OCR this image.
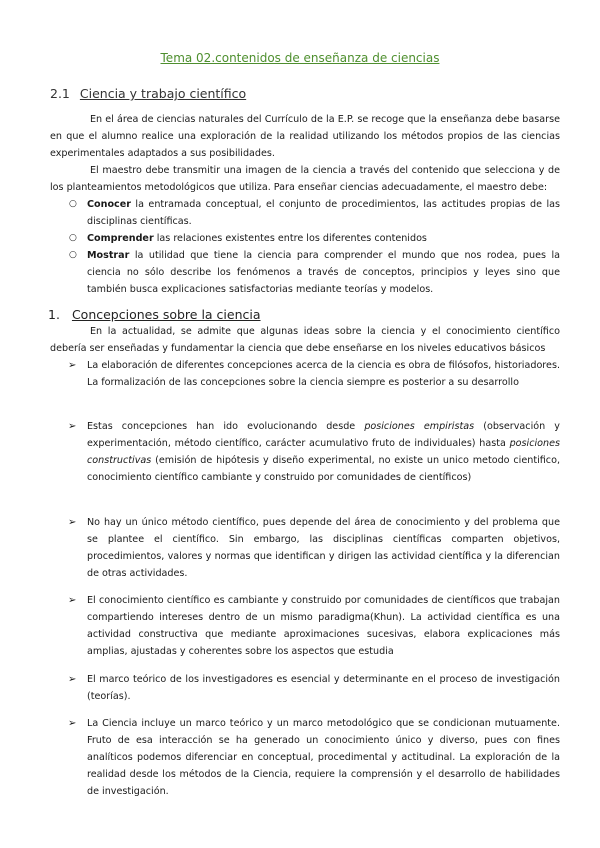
Tema 02.contenidos de enseñanza de ciencias
2.1 Ciencia y trabajo científico
En el área de ciencias naturales del Currículo de la E.P. se recoge que la enseñanza debe basarse en que el alumno realice una exploración de la realidad utilizando los métodos propios de las ciencias experimentales adaptados a sus posibilidades.
El maestro debe transmitir una imagen de la ciencia a través del contenido que selecciona y de los planteamientos metodológicos que utiliza. Para enseñar ciencias adecuadamente, el maestro debe:
○ Conocer la entramada conceptual, el conjunto de procedimientos, las actitudes propias de las disciplinas científicas.
○ Comprender las relaciones existentes entre los diferentes contenidos
○ Mostrar la utilidad que tiene la ciencia para comprender el mundo que nos rodea, pues la ciencia no sólo describe los fenómenos a través de conceptos, principios y leyes sino que también busca explicaciones satisfactorias mediante teorías y modelos.
1. Concepciones sobre la ciencia
En la actualidad, se admite que algunas ideas sobre la ciencia y el conocimiento científico debería ser enseñadas y fundamentar la ciencia que debe enseñarse en los niveles educativos básicos
➢ La elaboración de diferentes concepciones acerca de la ciencia es obra de filósofos, historiadores. La formalización de las concepciones sobre la ciencia siempre es posterior a su desarrollo
➢ Estas concepciones han ido evolucionando desde posiciones empiristas (observación y experimentación, método científico, carácter acumulativo fruto de individuales) hasta posiciones constructivas (emisión de hipótesis y diseño experimental, no existe un unico metodo cientifico, conocimiento científico cambiante y construido por comunidades de científicos)
➢ No hay un único método científico, pues depende del área de conocimiento y del problema que se plantee el científico. Sin embargo, las disciplinas científicas comparten objetivos, procedimientos, valores y normas que identifican y dirigen las actividad científica y la diferencian de otras actividades.
➢ El conocimiento científico es cambiante y construido por comunidades de científicos que trabajan compartiendo intereses dentro de un mismo paradigma(Khun). La actividad científica es una actividad constructiva que mediante aproximaciones sucesivas, elabora explicaciones más amplias, ajustadas y coherentes sobre los aspectos que estudia
➢ El marco teórico de los investigadores es esencial y determinante en el proceso de investigación (teorías).
➢ La Ciencia incluye un marco teórico y un marco metodológico que se condicionan mutuamente. Fruto de esa interacción se ha generado un conocimiento único y diverso, pues con fines analíticos podemos diferenciar en conceptual, procedimental y actitudinal. La exploración de la realidad desde los métodos de la Ciencia, requiere la comprensión y el desarrollo de habilidades de investigación.
